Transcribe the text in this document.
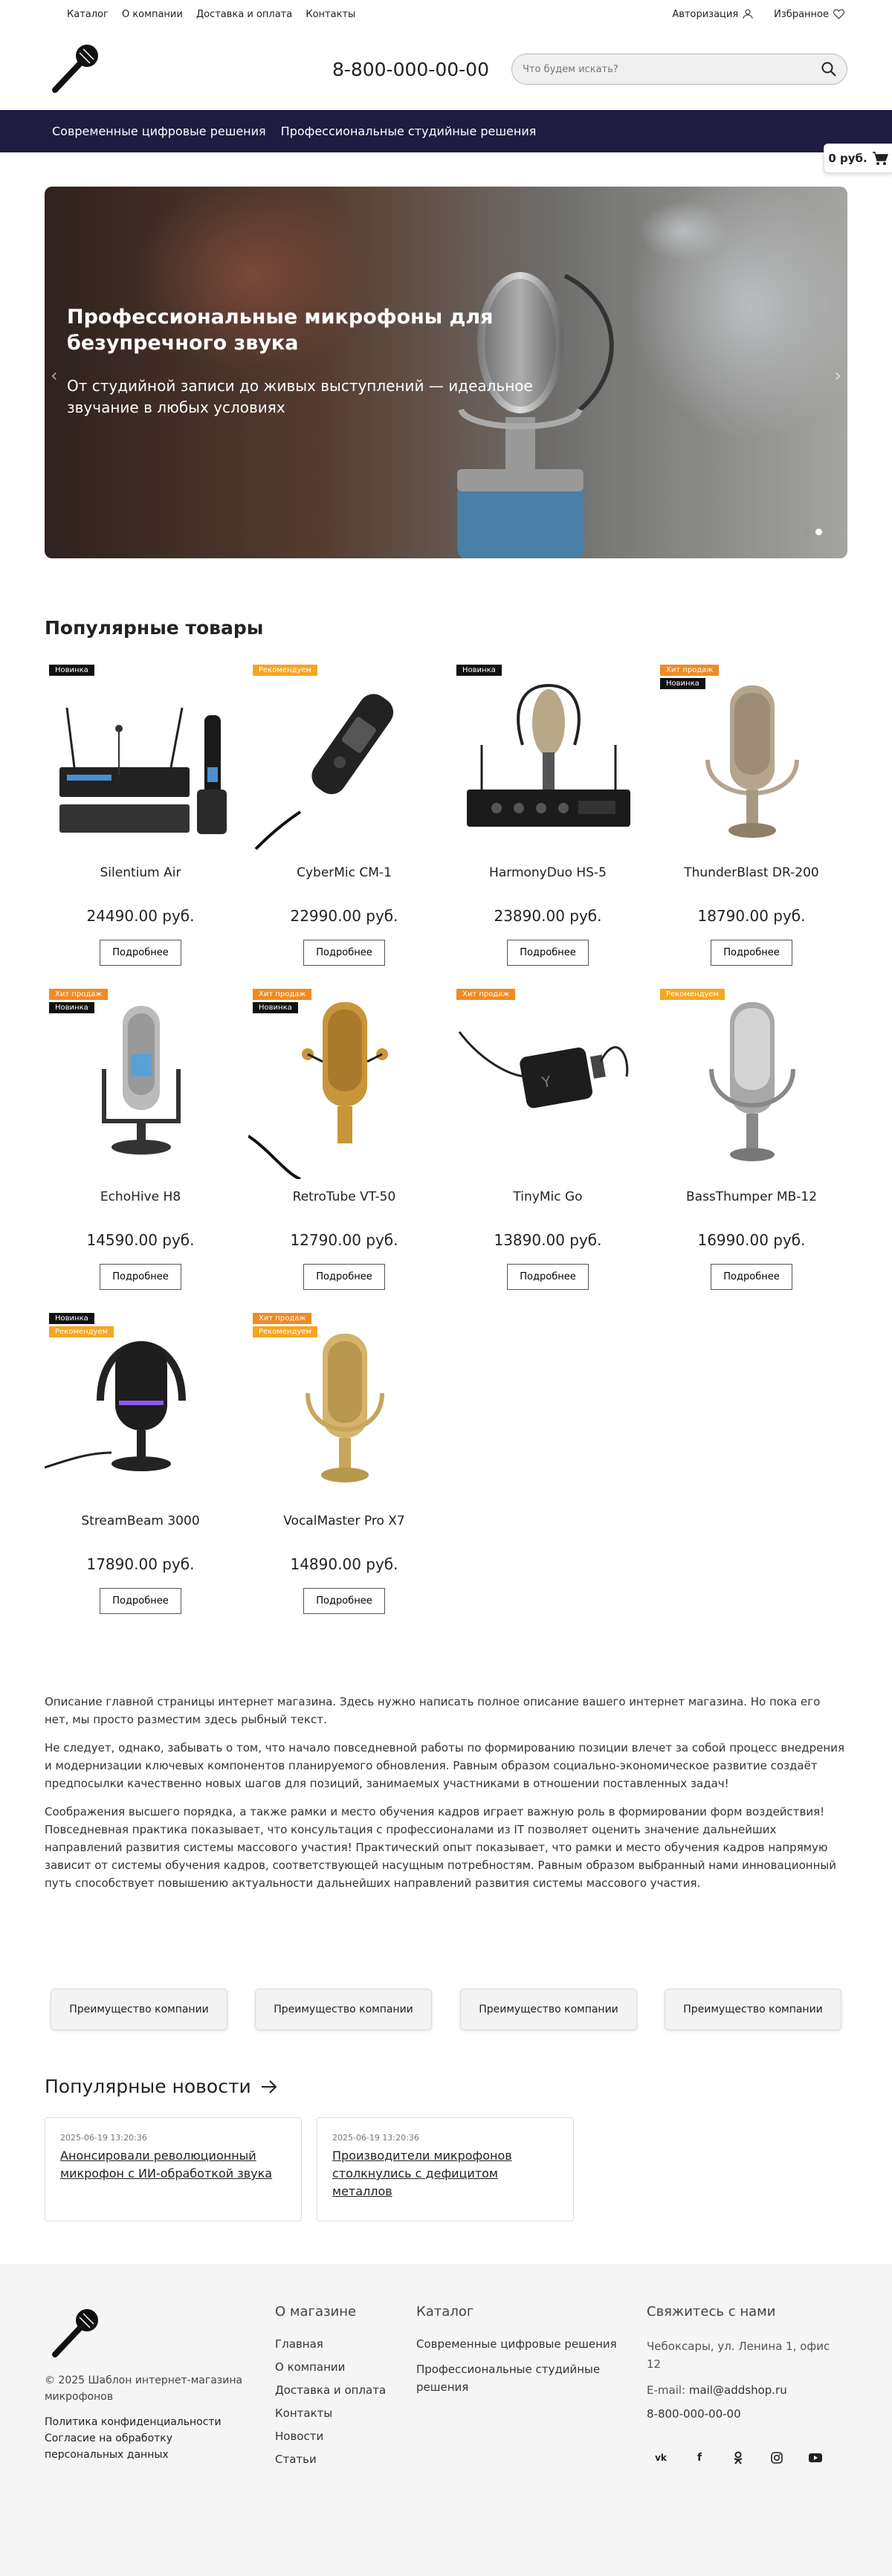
Каталог О компании Доставка и оплата Контакты	Авторизация	Избранное
8-800-000-00-00
Что будем искать?
Современные цифровые решения Профессиональные студийные решения
0 руб.
Профессиональные микрофоны для безупречного звука

От студийной записи до живых выступлений — идеальное звучание в любых условиях

‹	›
Популярные товары
Новинка
Silentium Air
24490.00 руб.
Подробнее
Рекомендуем
CyberMic CM-1
22990.00 руб.
Подробнее
Новинка
HarmonyDuo HS-5
23890.00 руб.
Подробнее
Хит продаж
Новинка
ThunderBlast DR-200
18790.00 руб.
Подробнее
Хит продаж
Новинка
EchoHive H8
14590.00 руб.
Подробнее
Хит продаж
Новинка
RetroTube VT-50
12790.00 руб.
Подробнее
Y
Хит продаж
TinyMic Go
13890.00 руб.
Подробнее
Рекомендуем
BassThumper MB-12
16990.00 руб.
Подробнее
Новинка
Рекомендуем
StreamBeam 3000
17890.00 руб.
Подробнее
Хит продаж
Рекомендуем
VocalMaster Pro X7
14890.00 руб.
Подробнее

Описание главной страницы интернет магазина. Здесь нужно написать полное описание вашего интернет магазина. Но пока его нет, мы просто разместим здесь рыбный текст.

Не следует, однако, забывать о том, что начало повседневной работы по формированию позиции влечет за собой процесс внедрения и модернизации ключевых компонентов планируемого обновления. Равным образом социально-экономическое развитие создаёт предпосылки качественно новых шагов для позиций, занимаемых участниками в отношении поставленных задач!

Соображения высшего порядка, а также рамки и место обучения кадров играет важную роль в формировании форм воздействия! Повседневная практика показывает, что консультация с профессионалами из IT позволяет оценить значение дальнейших направлений развития системы массового участия! Практический опыт показывает, что рамки и место обучения кадров напрямую зависит от системы обучения кадров, соответствующей насущным потребностям. Равным образом выбранный нами инновационный путь способствует повышению актуальности дальнейших направлений развития системы массового участия.

Преимущество компании	Преимущество компании	Преимущество компании	Преимущество компании
Популярные новости
2025-06-19 13:20:36
Анонсировали революционный микрофон с ИИ-обработкой звука
2025-06-19 13:20:36
Производители микрофонов столкнулись с дефицитом металлов
© 2025 Шаблон интернет-магазина микрофонов
Политика конфиденциальности
Согласие на обработку персональных данных
О магазине
Главная
О компании
Доставка и оплата
Контакты
Новости
Статьи
Каталог
Современные цифровые решения
Профессиональные студийные решения
Свяжитесь с нами
Чебоксары, ул. Ленина 1, офис 12
E-mail: mail@addshop.ru
8-800-000-00-00
vk	f
